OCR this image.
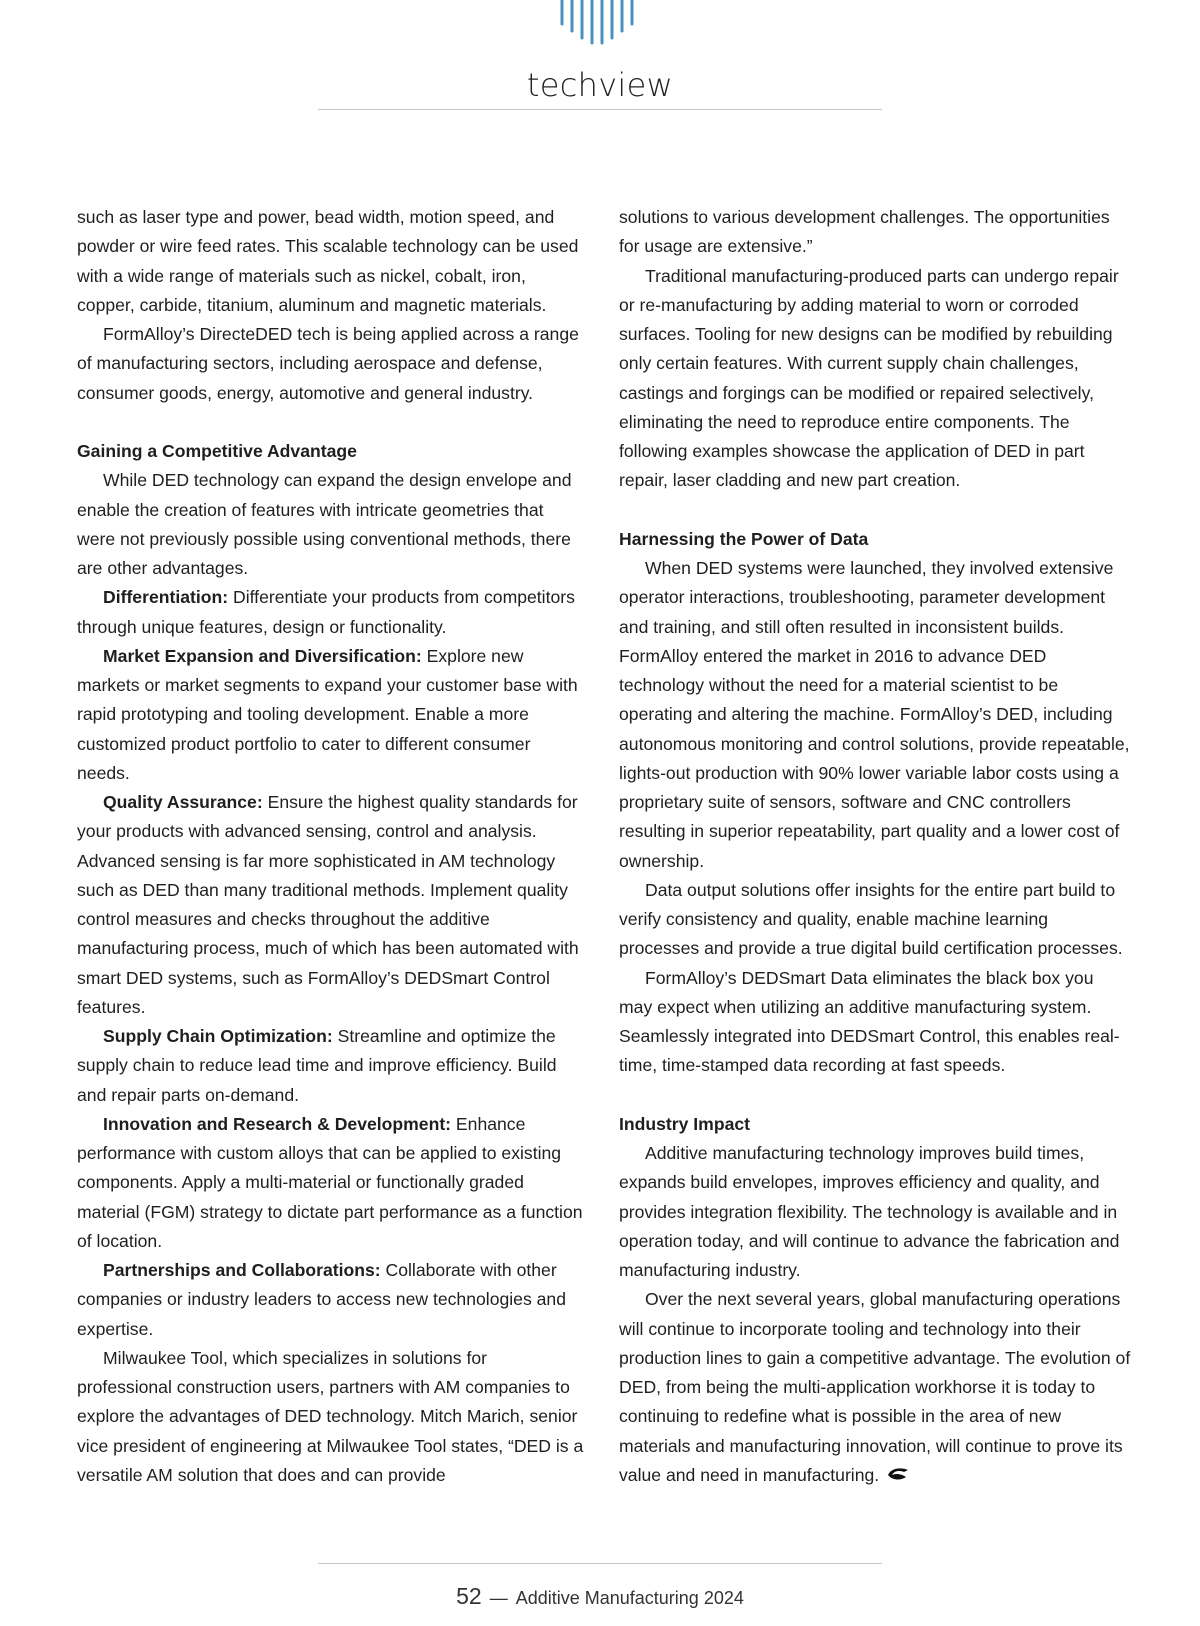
techview

such as laser type and power, bead width, motion speed, and powder or wire feed rates. This scalable technology can be used with a wide range of materials such as nickel, cobalt, iron, copper, carbide, titanium, aluminum and magnetic materials.

FormAlloy’s DirecteDED tech is being applied across a range of manufacturing sectors, including aerospace and defense, consumer goods, energy, automotive and general industry.

Gaining a Competitive Advantage

While DED technology can expand the design envelope and enable the creation of features with intricate geometries that were not previously possible using conventional methods, there are other advantages.

Differentiation: Differentiate your products from competitors through unique features, design or functionality.

Market Expansion and Diversification: Explore new markets or market segments to expand your customer base with rapid prototyping and tooling development. Enable a more customized product portfolio to cater to different consumer needs.

Quality Assurance: Ensure the highest quality standards for your products with advanced sensing, control and analysis. Advanced sensing is far more sophisticated in AM technology such as DED than many traditional methods. Implement quality control measures and checks throughout the additive manufacturing process, much of which has been automated with smart DED systems, such as FormAlloy’s DEDSmart Control features.

Supply Chain Optimization: Streamline and optimize the supply chain to reduce lead time and improve efficiency. Build and repair parts on-demand.

Innovation and Research & Development: Enhance performance with custom alloys that can be applied to existing components. Apply a multi-material or functionally graded material (FGM) strategy to dictate part performance as a function of location.

Partnerships and Collaborations: Collaborate with other companies or industry leaders to access new technologies and expertise.

Milwaukee Tool, which specializes in solutions for professional construction users, partners with AM companies to explore the advantages of DED technology. Mitch Marich, senior vice president of engineering at Milwaukee Tool states, “DED is a versatile AM solution that does and can provide

solutions to various development challenges. The opportunities for usage are extensive.”

Traditional manufacturing-produced parts can undergo repair or re-manufacturing by adding material to worn or corroded surfaces. Tooling for new designs can be modified by rebuilding only certain features. With current supply chain challenges, castings and forgings can be modified or repaired selectively, eliminating the need to reproduce entire components. The following examples showcase the application of DED in part repair, laser cladding and new part creation.

Harnessing the Power of Data

When DED systems were launched, they involved extensive operator interactions, troubleshooting, parameter development and training, and still often resulted in inconsistent builds. FormAlloy entered the market in 2016 to advance DED technology without the need for a material scientist to be operating and altering the machine. FormAlloy’s DED, including autonomous monitoring and control solutions, provide repeatable, lights-out production with 90% lower variable labor costs using a proprietary suite of sensors, software and CNC controllers resulting in superior repeatability, part quality and a lower cost of ownership.

Data output solutions offer insights for the entire part build to verify consistency and quality, enable machine learning processes and provide a true digital build certification processes.

FormAlloy’s DEDSmart Data eliminates the black box you may expect when utilizing an additive manufacturing system. Seamlessly integrated into DEDSmart Control, this enables real-time, time-stamped data recording at fast speeds.

Industry Impact

Additive manufacturing technology improves build times, expands build envelopes, improves efficiency and quality, and provides integration flexibility. The technology is available and in operation today, and will continue to advance the fabrication and manufacturing industry.

Over the next several years, global manufacturing operations will continue to incorporate tooling and technology into their production lines to gain a competitive advantage. The evolution of DED, from being the multi-application workhorse it is today to continuing to redefine what is possible in the area of new materials and manufacturing innovation, will continue to prove its value and need in manufacturing.

52 — Additive Manufacturing 2024
